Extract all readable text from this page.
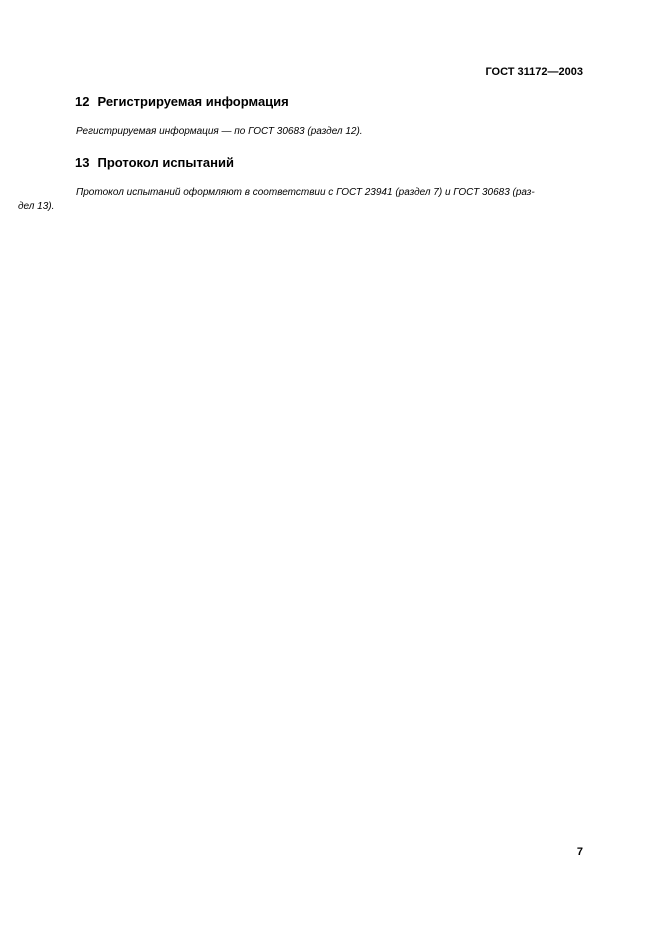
ГОСТ 31172—2003
12 Регистрируемая информация
Регистрируемая информация — по ГОСТ 30683 (раздел 12).
13 Протокол испытаний
Протокол испытаний оформляют в соответствии с ГОСТ 23941 (раздел 7) и ГОСТ 30683 (раз-
дел 13).
7
